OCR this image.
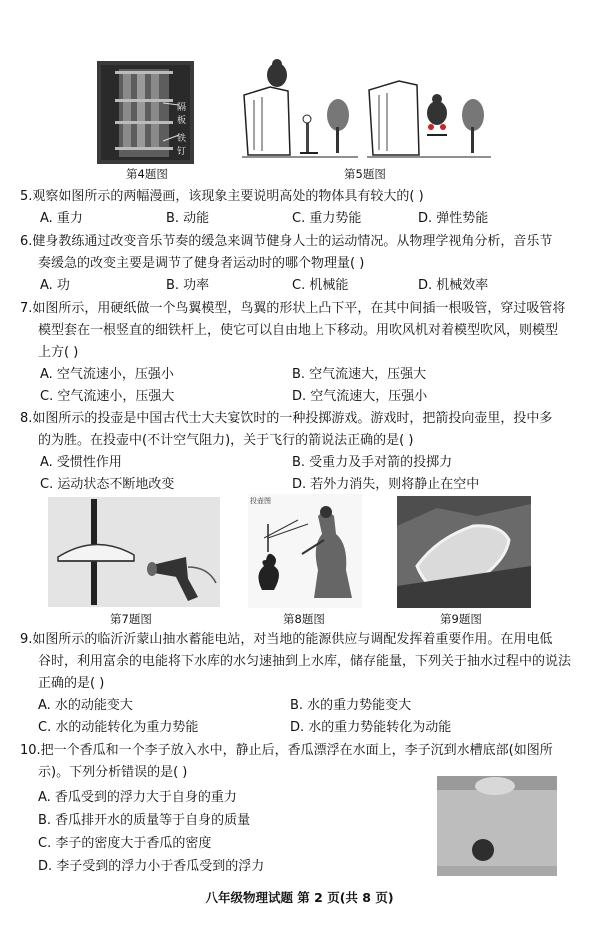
隔板
铁钉
第4题图	第5题图
5.观察如图所示的两幅漫画，该现象主要说明高处的物体具有较大的( )
A. 重力	B. 动能	C. 重力势能	D. 弹性势能
6.健身教练通过改变音乐节奏的缓急来调节健身人士的运动情况。从物理学视角分析，音乐节
奏缓急的改变主要是调节了健身者运动时的哪个物理量( )
A. 功	B. 功率	C. 机械能	D. 机械效率
7.如图所示，用硬纸做一个鸟翼模型，鸟翼的形状上凸下平，在其中间插一根吸管，穿过吸管将
模型套在一根竖直的细铁杆上，使它可以自由地上下移动。用吹风机对着模型吹风，则模型
上方( )
A. 空气流速小，压强小	B. 空气流速大，压强大
C. 空气流速小，压强大	D. 空气流速大，压强小
8.如图所示的投壶是中国古代士大夫宴饮时的一种投掷游戏。游戏时，把箭投向壶里，投中多
的为胜。在投壶中(不计空气阻力)，关于飞行的箭说法正确的是( )
A. 受惯性作用	B. 受重力及手对箭的投掷力
C. 运动状态不断地改变	D. 若外力消失，则将静止在空中
第7题图
投壶图
第8题图	第9题图
9.如图所示的临沂沂蒙山抽水蓄能电站，对当地的能源供应与调配发挥着重要作用。在用电低
谷时，利用富余的电能将下水库的水匀速抽到上水库，储存能量，下列关于抽水过程中的说法
正确的是( )
A. 水的动能变大	B. 水的重力势能变大
C. 水的动能转化为重力势能	D. 水的重力势能转化为动能
10.把一个香瓜和一个李子放入水中，静止后，香瓜漂浮在水面上，李子沉到水槽底部(如图所
示)。下列分析错误的是( )
A. 香瓜受到的浮力大于自身的重力
B. 香瓜排开水的质量等于自身的质量
C. 李子的密度大于香瓜的密度
D. 李子受到的浮力小于香瓜受到的浮力
八年级物理试题 第 2 页(共 8 页)
